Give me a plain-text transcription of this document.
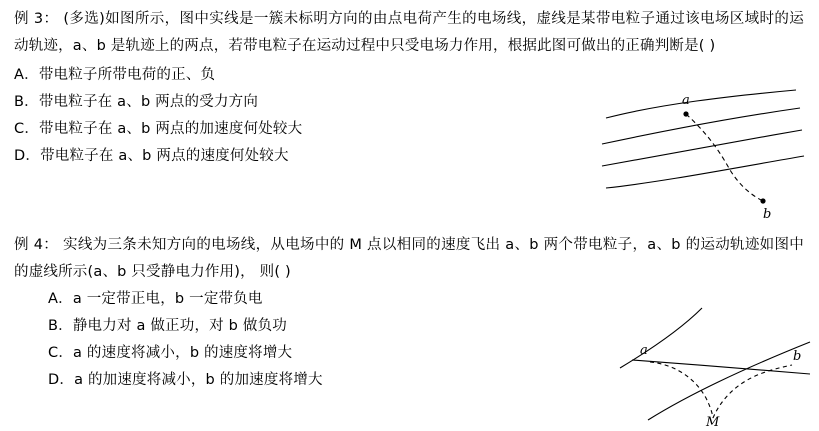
例 3： (多选)如图所示，图中实线是一簇未标明方向的由点电荷产生的电场线，虚线是某带电粒子通过该电场区域时的运动轨迹，a、b 是轨迹上的两点，若带电粒子在运动过程中只受电场力作用，根据此图可做出的正确判断是( )
A．带电粒子所带电荷的正、负
B．带电粒子在 a、b 两点的受力方向
C．带电粒子在 a、b 两点的加速度何处较大
D．带电粒子在 a、b 两点的速度何处较大
a
b
例 4： 实线为三条未知方向的电场线，从电场中的 M 点以相同的速度飞出 a、b 两个带电粒子，a、b 的运动轨迹如图中的虚线所示(a、b 只受静电力作用)， 则( )
A．a 一定带正电，b 一定带负电
B．静电力对 a 做正功，对 b 做负功
C．a 的速度将减小，b 的速度将增大
D．a 的加速度将减小，b 的加速度将增大
a	b
M
